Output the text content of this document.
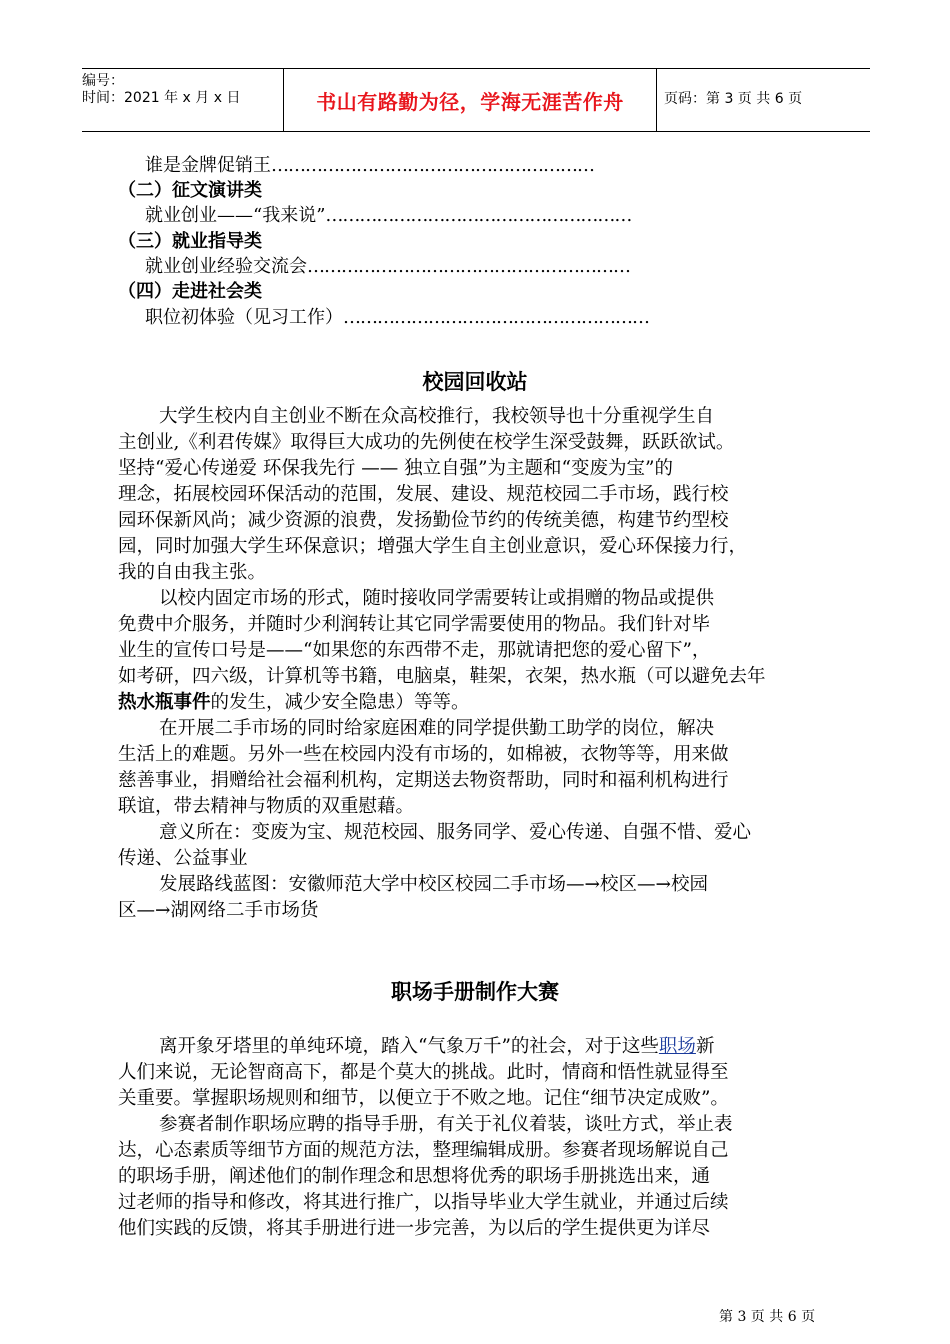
编号：
时间：2021 年 x 月 x 日	书山有路勤为径，学海无涯苦作舟	页码：第 3 页 共 6 页
谁是金牌促销王…………………………………………………
（二）征文演讲类
就业创业——“我来说”………………………………………………
（三）就业指导类
就业创业经验交流会…………………………………………………
（四）走进社会类
职位初体验（见习工作）………………………………………………
校园回收站
大学生校内自主创业不断在众高校推行，我校领导也十分重视学生自
主创业,《利君传媒》取得巨大成功的先例使在校学生深受鼓舞，跃跃欲试。
坚持“爱心传递爱 环保我先行 —— 独立自强”为主题和“变废为宝”的
理念，拓展校园环保活动的范围，发展、建设、规范校园二手市场，践行校
园环保新风尚；减少资源的浪费，发扬勤俭节约的传统美德，构建节约型校
园，同时加强大学生环保意识；增强大学生自主创业意识，爱心环保接力行，
我的自由我主张。
以校内固定市场的形式，随时接收同学需要转让或捐赠的物品或提供
免费中介服务，并随时少利润转让其它同学需要使用的物品。我们针对毕
业生的宣传口号是——“如果您的东西带不走，那就请把您的爱心留下”，
如考研，四六级，计算机等书籍，电脑桌，鞋架，衣架，热水瓶（可以避免去年
热水瓶事件的发生，减少安全隐患）等等。
在开展二手市场的同时给家庭困难的同学提供勤工助学的岗位，解决
生活上的难题。另外一些在校园内没有市场的，如棉被，衣物等等，用来做
慈善事业，捐赠给社会福利机构，定期送去物资帮助，同时和福利机构进行
联谊，带去精神与物质的双重慰藉。
意义所在：变废为宝、规范校园、服务同学、爱心传递、自强不惜、爱心
传递、公益事业
发展路线蓝图：安徽师范大学中校区校园二手市场—→校区—→校园
区—→湖网络二手市场货
职场手册制作大赛
离开象牙塔里的单纯环境，踏入“气象万千”的社会，对于这些职场新
人们来说，无论智商高下，都是个莫大的挑战。此时，情商和悟性就显得至
关重要。掌握职场规则和细节，以便立于不败之地。记住“细节决定成败”。
参赛者制作职场应聘的指导手册，有关于礼仪着装，谈吐方式，举止表
达，心态素质等细节方面的规范方法，整理编辑成册。参赛者现场解说自己
的职场手册，阐述他们的制作理念和思想将优秀的职场手册挑选出来，通
过老师的指导和修改，将其进行推广，以指导毕业大学生就业，并通过后续
他们实践的反馈，将其手册进行进一步完善，为以后的学生提供更为详尽
第 3 页 共 6 页
